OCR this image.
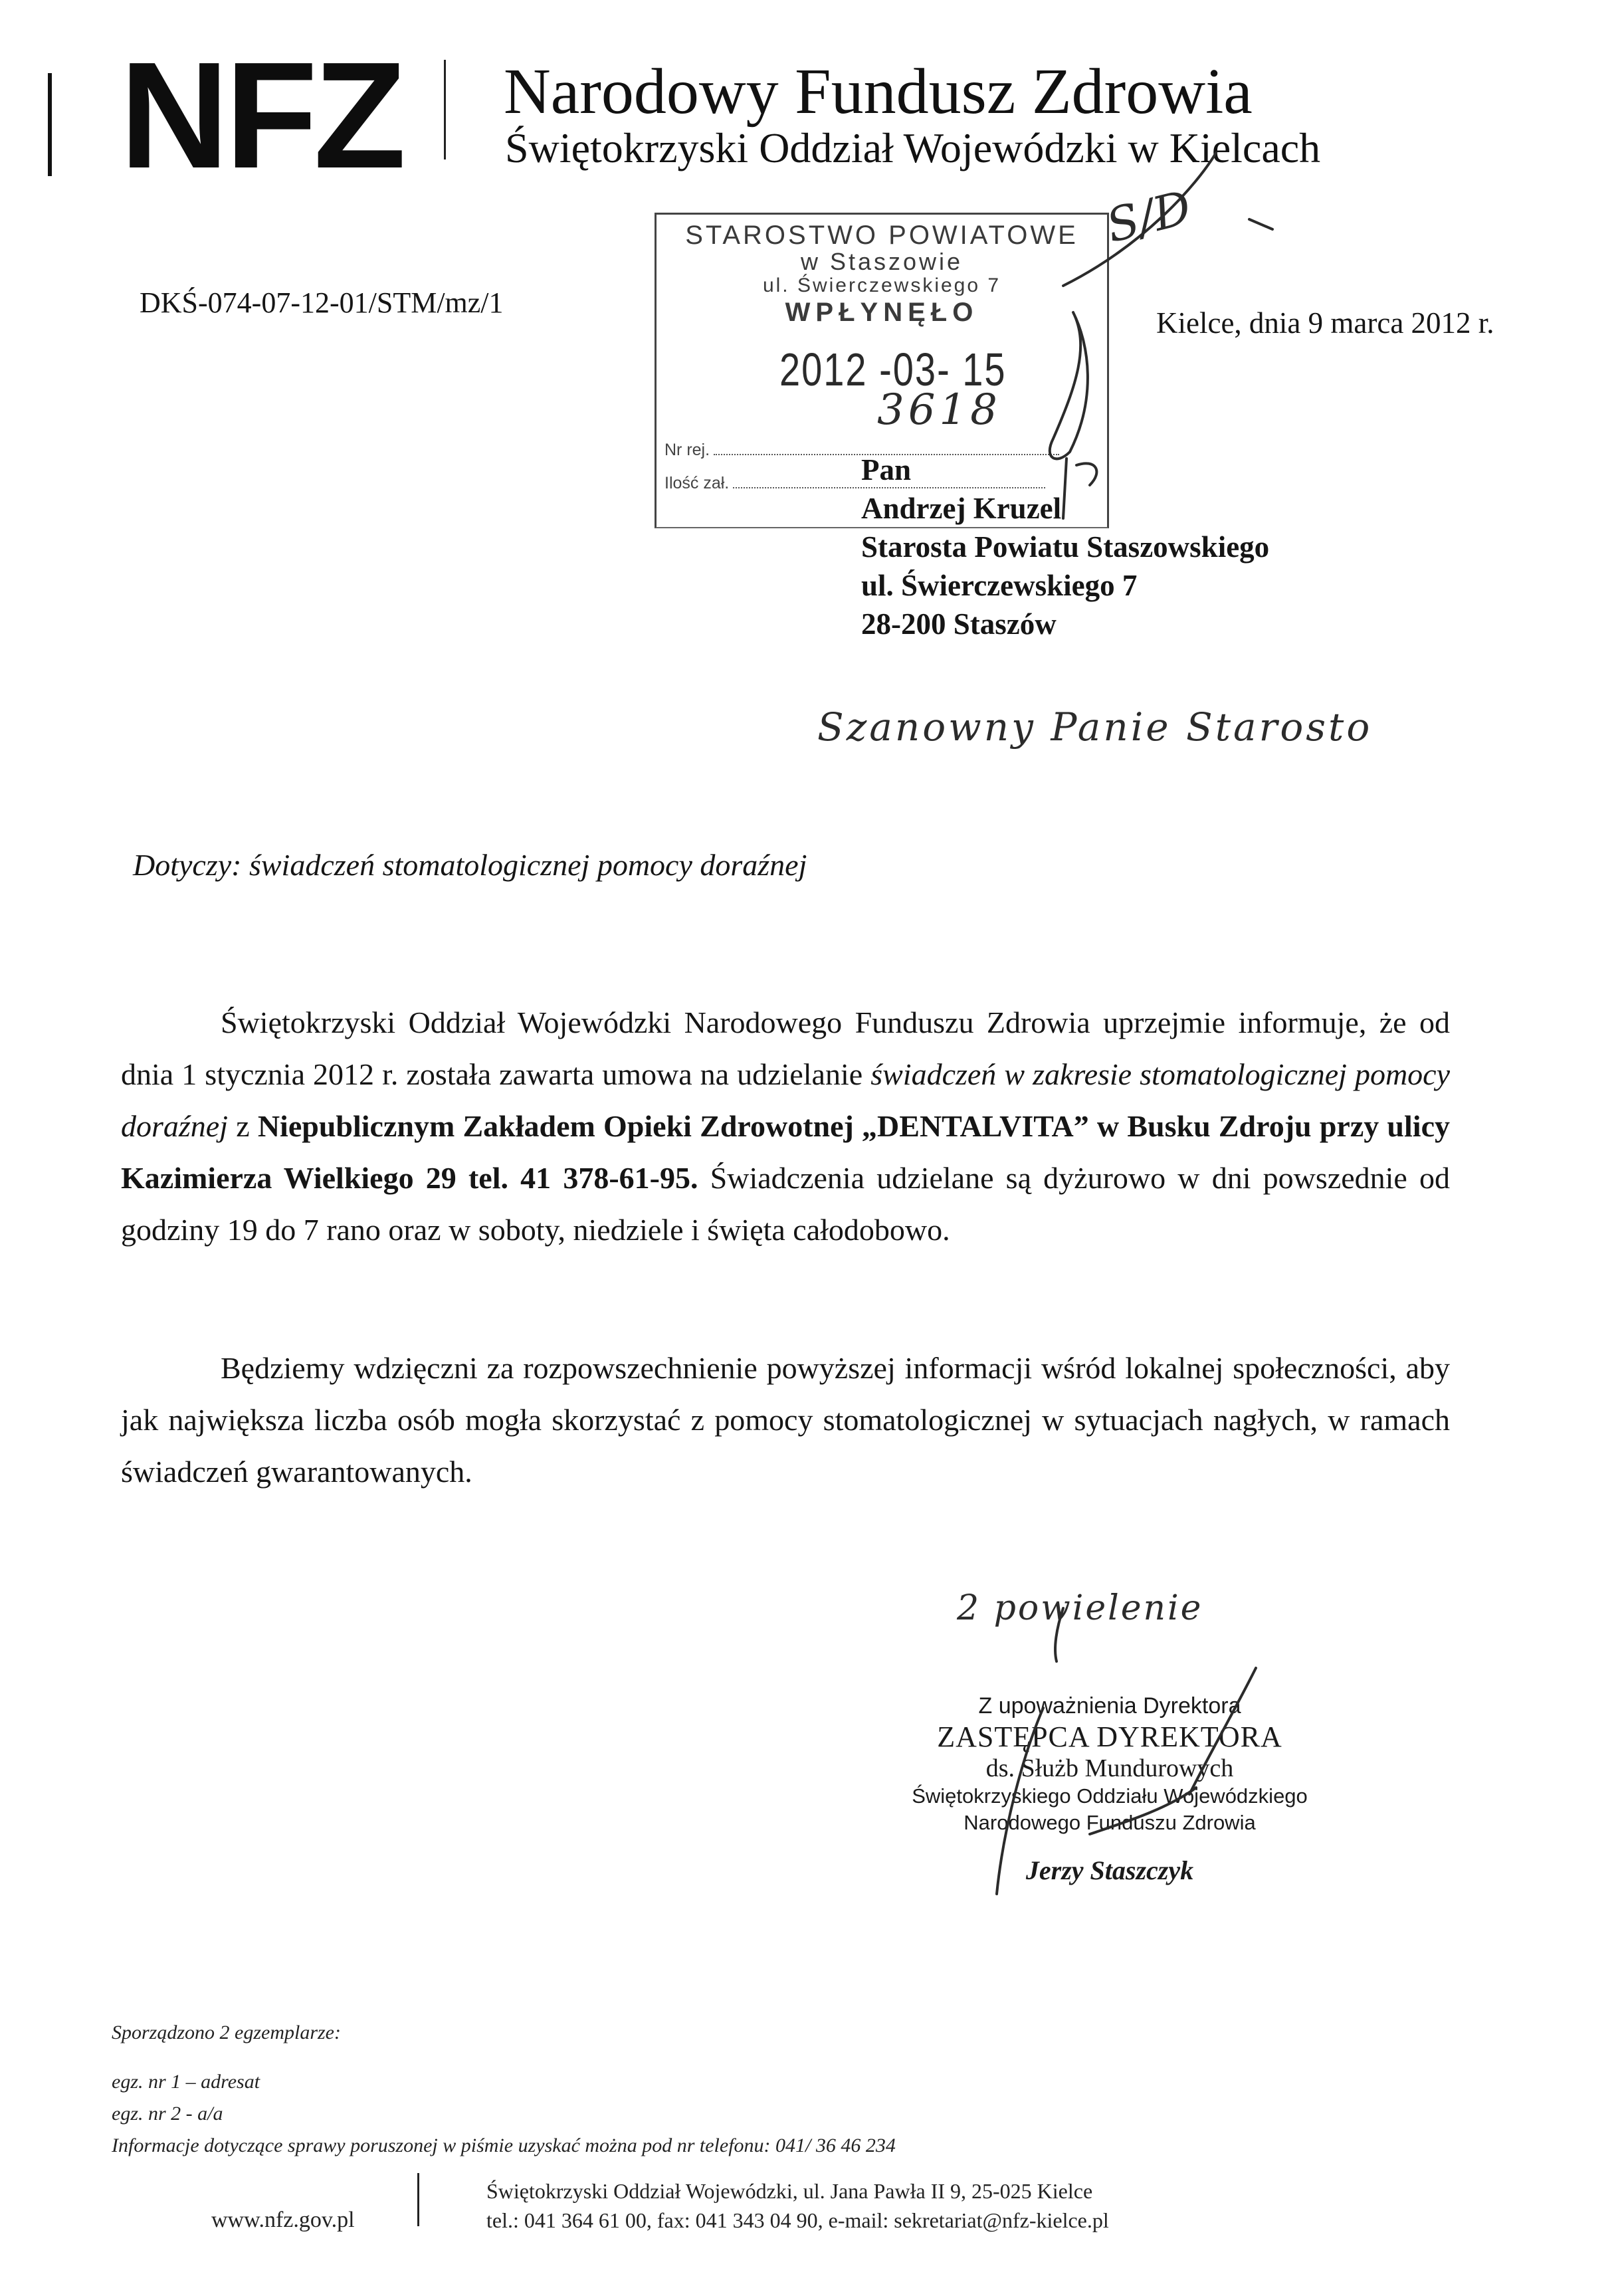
NFZ Narodowy Fundusz Zdrowia
Świętokrzyski Oddział Wojewódzki w Kielcach
DKŚ-074-07-12-01/STM/mz/1
Kielce, dnia 9 marca 2012 r.
STAROSTWO POWIATOWE
w Staszowie
ul. Świerczewskiego 7
WPŁYNĘŁO
2012 -03- 15
Nr rej.
Ilość zał.
3618
Pan
Andrzej Kruzel
Starosta Powiatu Staszowskiego
ul. Świerczewskiego 7
28-200 Staszów
S/D
Szanowny Panie Starosto
Dotyczy: świadczeń stomatologicznej pomocy doraźnej
Świętokrzyski Oddział Wojewódzki Narodowego Funduszu Zdrowia uprzejmie informuje, że od dnia 1 stycznia 2012 r. została zawarta umowa na udzielanie świadczeń w zakresie stomatologicznej pomocy doraźnej z Niepublicznym Zakładem Opieki Zdrowotnej „DENTALVITA” w Busku Zdroju przy ulicy Kazimierza Wielkiego 29 tel. 41 378-61-95. Świadczenia udzielane są dyżurowo w dni powszednie od godziny 19 do 7 rano oraz w soboty, niedziele i święta całodobowo.
Będziemy wdzięczni za rozpowszechnienie powyższej informacji wśród lokalnej społeczności, aby jak największa liczba osób mogła skorzystać z pomocy stomatologicznej w sytuacjach nagłych, w ramach świadczeń gwarantowanych.
2 powielenie
Z upoważnienia Dyrektora
ZASTĘPCA DYREKTORA
ds. Służb Mundurowych
Świętokrzyskiego Oddziału Wojewódzkiego
Narodowego Funduszu Zdrowia
Jerzy Staszczyk
Sporządzono 2 egzemplarze:
egz. nr 1 – adresat
egz. nr 2 - a/a
Informacje dotyczące sprawy poruszonej w piśmie uzyskać można pod nr telefonu: 041/ 36 46 234
www.nfz.gov.pl
Świętokrzyski Oddział Wojewódzki, ul. Jana Pawła II 9, 25-025 Kielce
tel.: 041 364 61 00, fax: 041 343 04 90, e-mail: sekretariat@nfz-kielce.pl
